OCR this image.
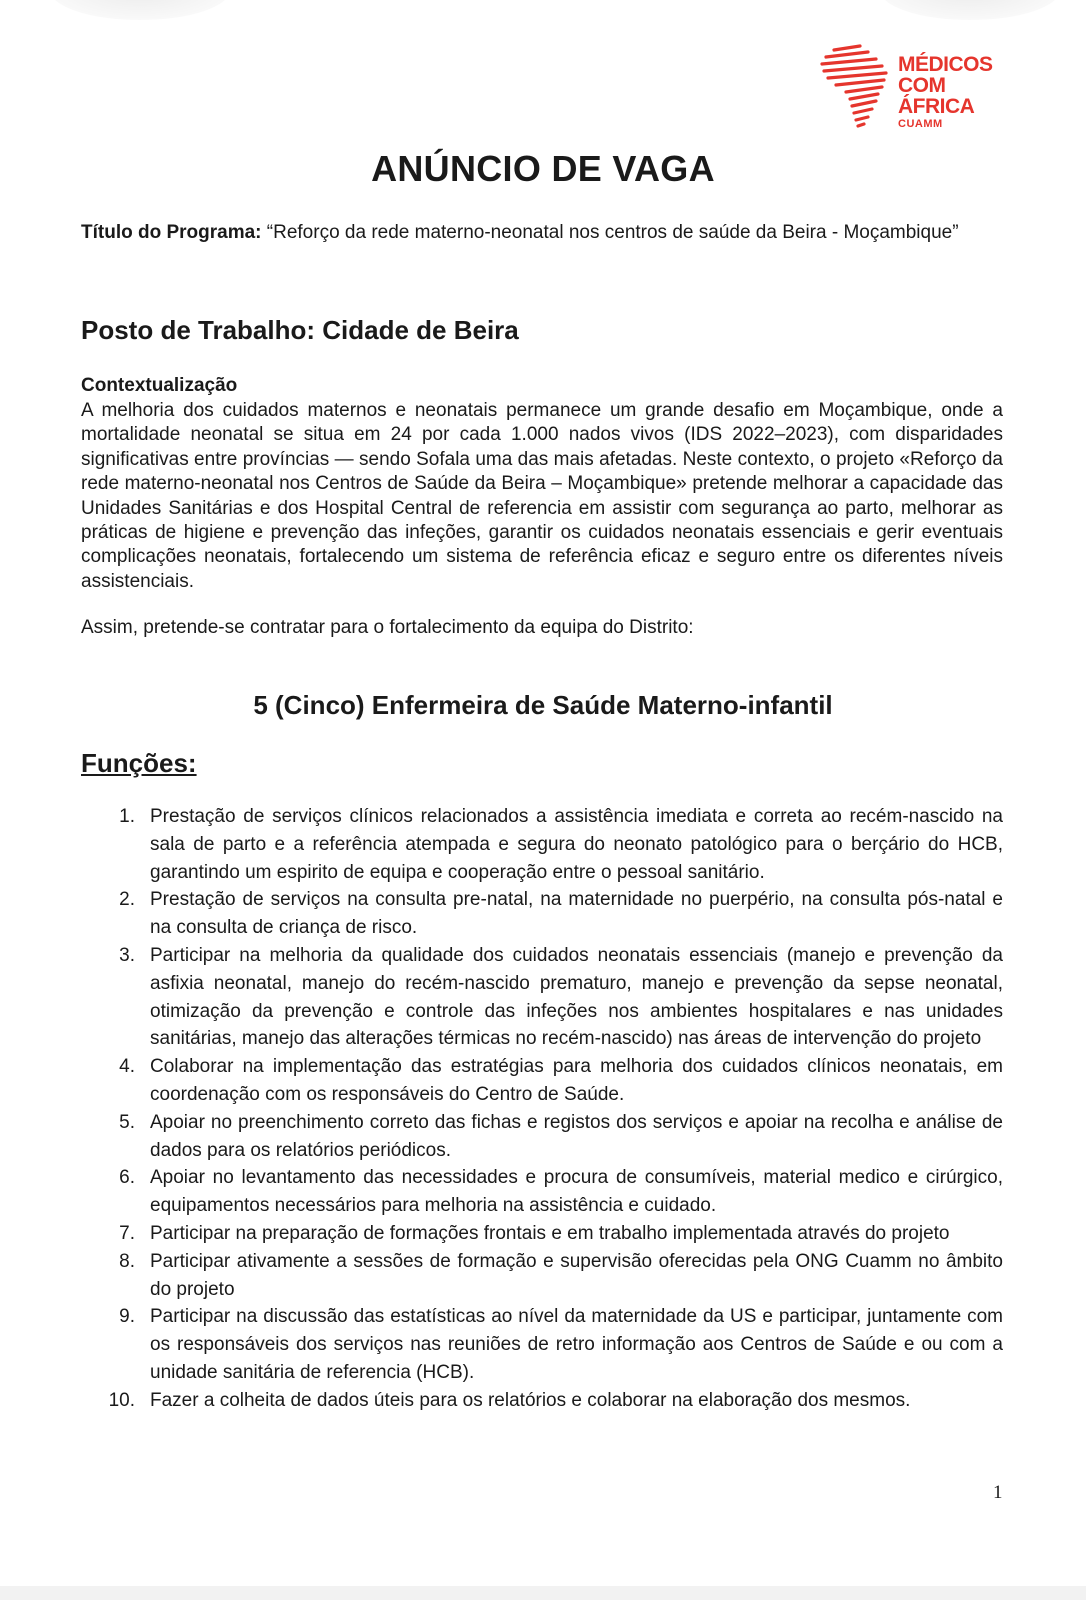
MÉDICOS
COM ÁFRICA
CUAMM
ANÚNCIO DE VAGA

Título do Programa: “Reforço da rede materno-neonatal nos centros de saúde da Beira - Moçambique”

Posto de Trabalho: Cidade de Beira

Contextualização

A melhoria dos cuidados maternos e neonatais permanece um grande desafio em Moçambique, onde a mortalidade neonatal se situa em 24 por cada 1.000 nados vivos (IDS 2022–2023), com disparidades significativas entre províncias — sendo Sofala uma das mais afetadas. Neste contexto, o projeto «Reforço da rede materno-neonatal nos Centros de Saúde da Beira – Moçambique» pretende melhorar a capacidade das Unidades Sanitárias e dos Hospital Central de referencia em assistir com segurança ao parto, melhorar as práticas de higiene e prevenção das infeções, garantir os cuidados neonatais essenciais e gerir eventuais complicações neonatais, fortalecendo um sistema de referência eficaz e seguro entre os diferentes níveis assistenciais.

Assim, pretende-se contratar para o fortalecimento da equipa do Distrito:

5 (Cinco) Enfermeira de Saúde Materno-infantil
Funções:
1. Prestação de serviços clínicos relacionados a assistência imediata e correta ao recém-nascido na sala de parto e a referência atempada e segura do neonato patológico para o berçário do HCB, garantindo um espirito de equipa e cooperação entre o pessoal sanitário.
2. Prestação de serviços na consulta pre-natal, na maternidade no puerpério, na consulta pós-natal e na consulta de criança de risco.
3. Participar na melhoria da qualidade dos cuidados neonatais essenciais (manejo e prevenção da asfixia neonatal, manejo do recém-nascido prematuro, manejo e prevenção da sepse neonatal, otimização da prevenção e controle das infeções nos ambientes hospitalares e nas unidades sanitárias, manejo das alterações térmicas no recém-nascido) nas áreas de intervenção do projeto
4. Colaborar na implementação das estratégias para melhoria dos cuidados clínicos neonatais, em coordenação com os responsáveis do Centro de Saúde.
5. Apoiar no preenchimento correto das fichas e registos dos serviços e apoiar na recolha e análise de dados para os relatórios periódicos.
6. Apoiar no levantamento das necessidades e procura de consumíveis, material medico e cirúrgico, equipamentos necessários para melhoria na assistência e cuidado.
7. Participar na preparação de formações frontais e em trabalho implementada através do projeto
8. Participar ativamente a sessões de formação e supervisão oferecidas pela ONG Cuamm no âmbito do projeto
9. Participar na discussão das estatísticas ao nível da maternidade da US e participar, juntamente com os responsáveis dos serviços nas reuniões de retro informação aos Centros de Saúde e ou com a unidade sanitária de referencia (HCB).
10. Fazer a colheita de dados úteis para os relatórios e colaborar na elaboração dos mesmos.
1
